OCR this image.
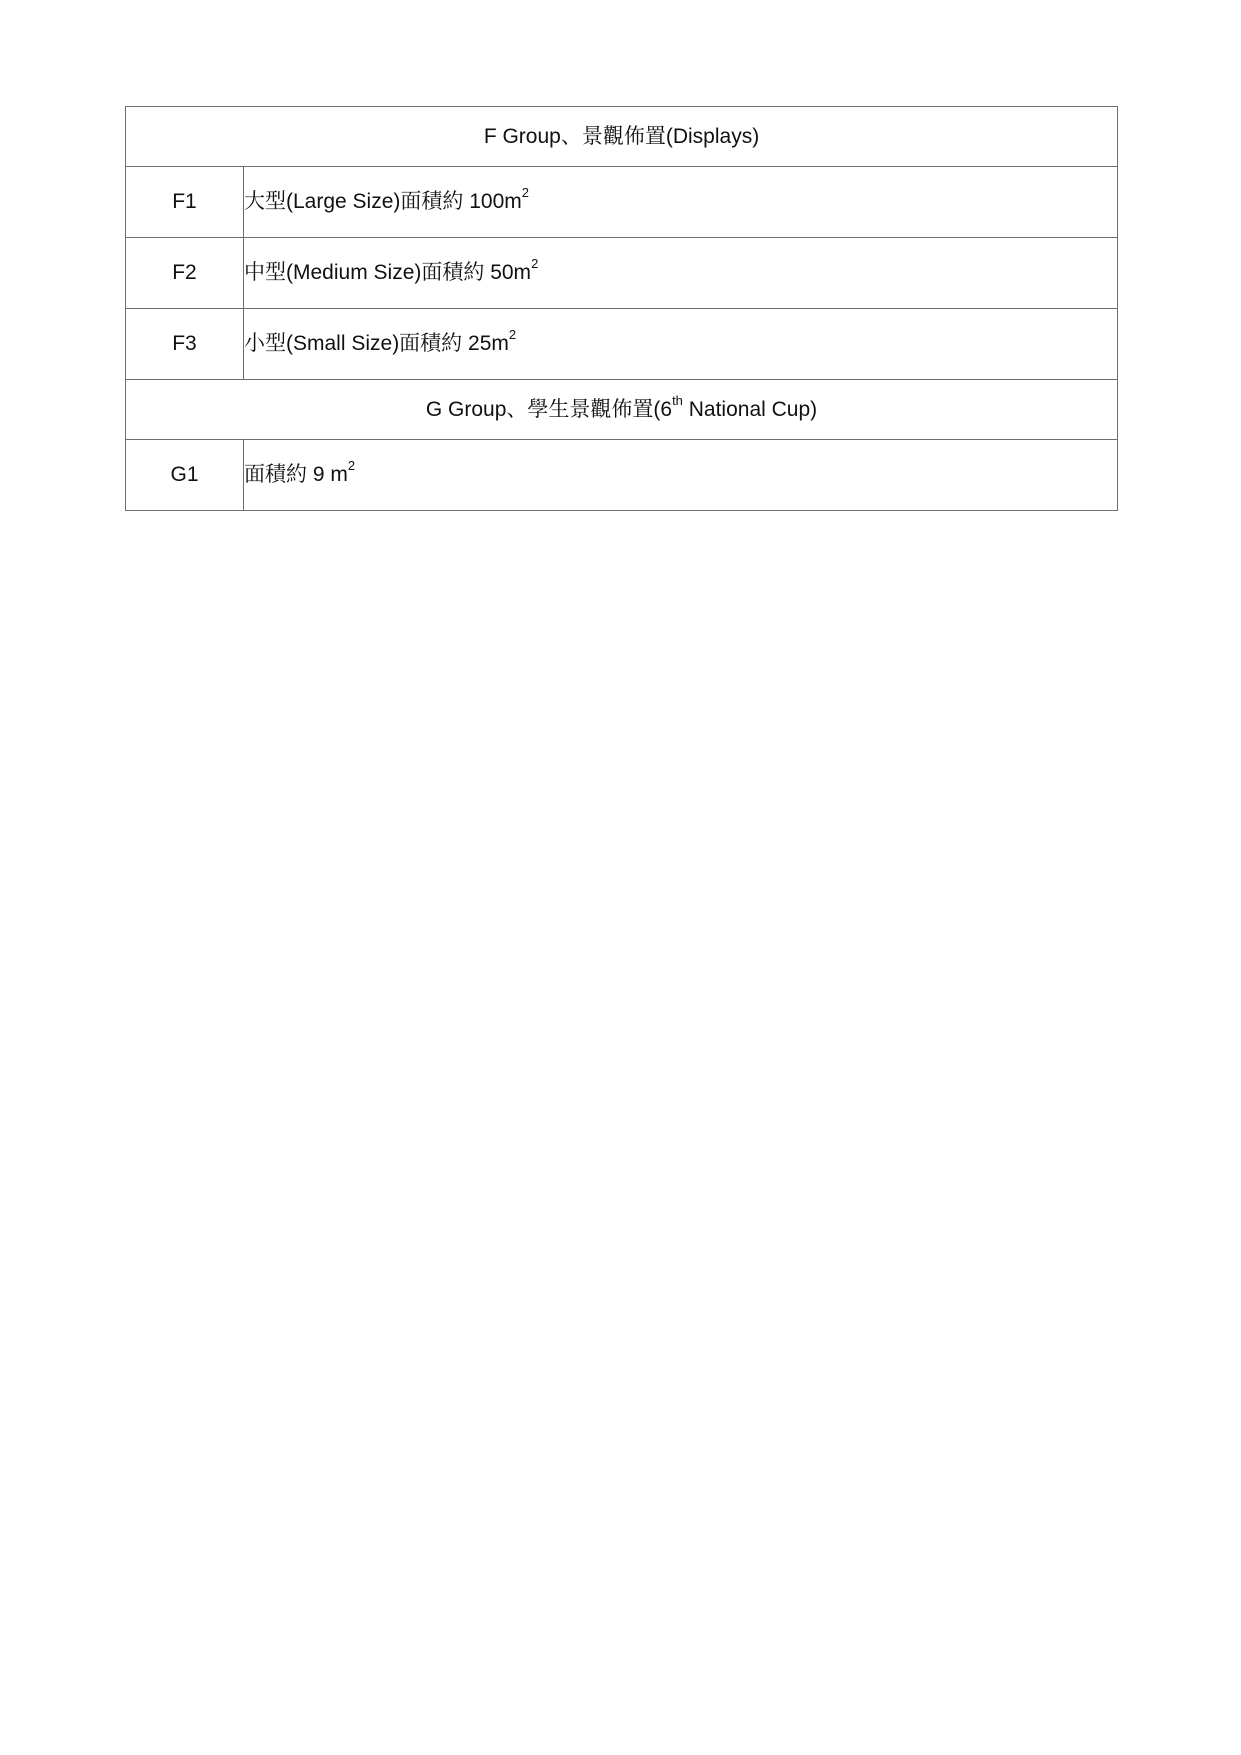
F Group、景觀佈置(Displays)	
F1	大型(Large Size)面積約 $100m^2$
F2	中型(Medium Size)面積約 $50m^2$
F3	小型(Small Size)面積約 $25m^2$
G Group、學生景觀佈置(6th National Cup)	
G1	面積約 9 $m^2$
